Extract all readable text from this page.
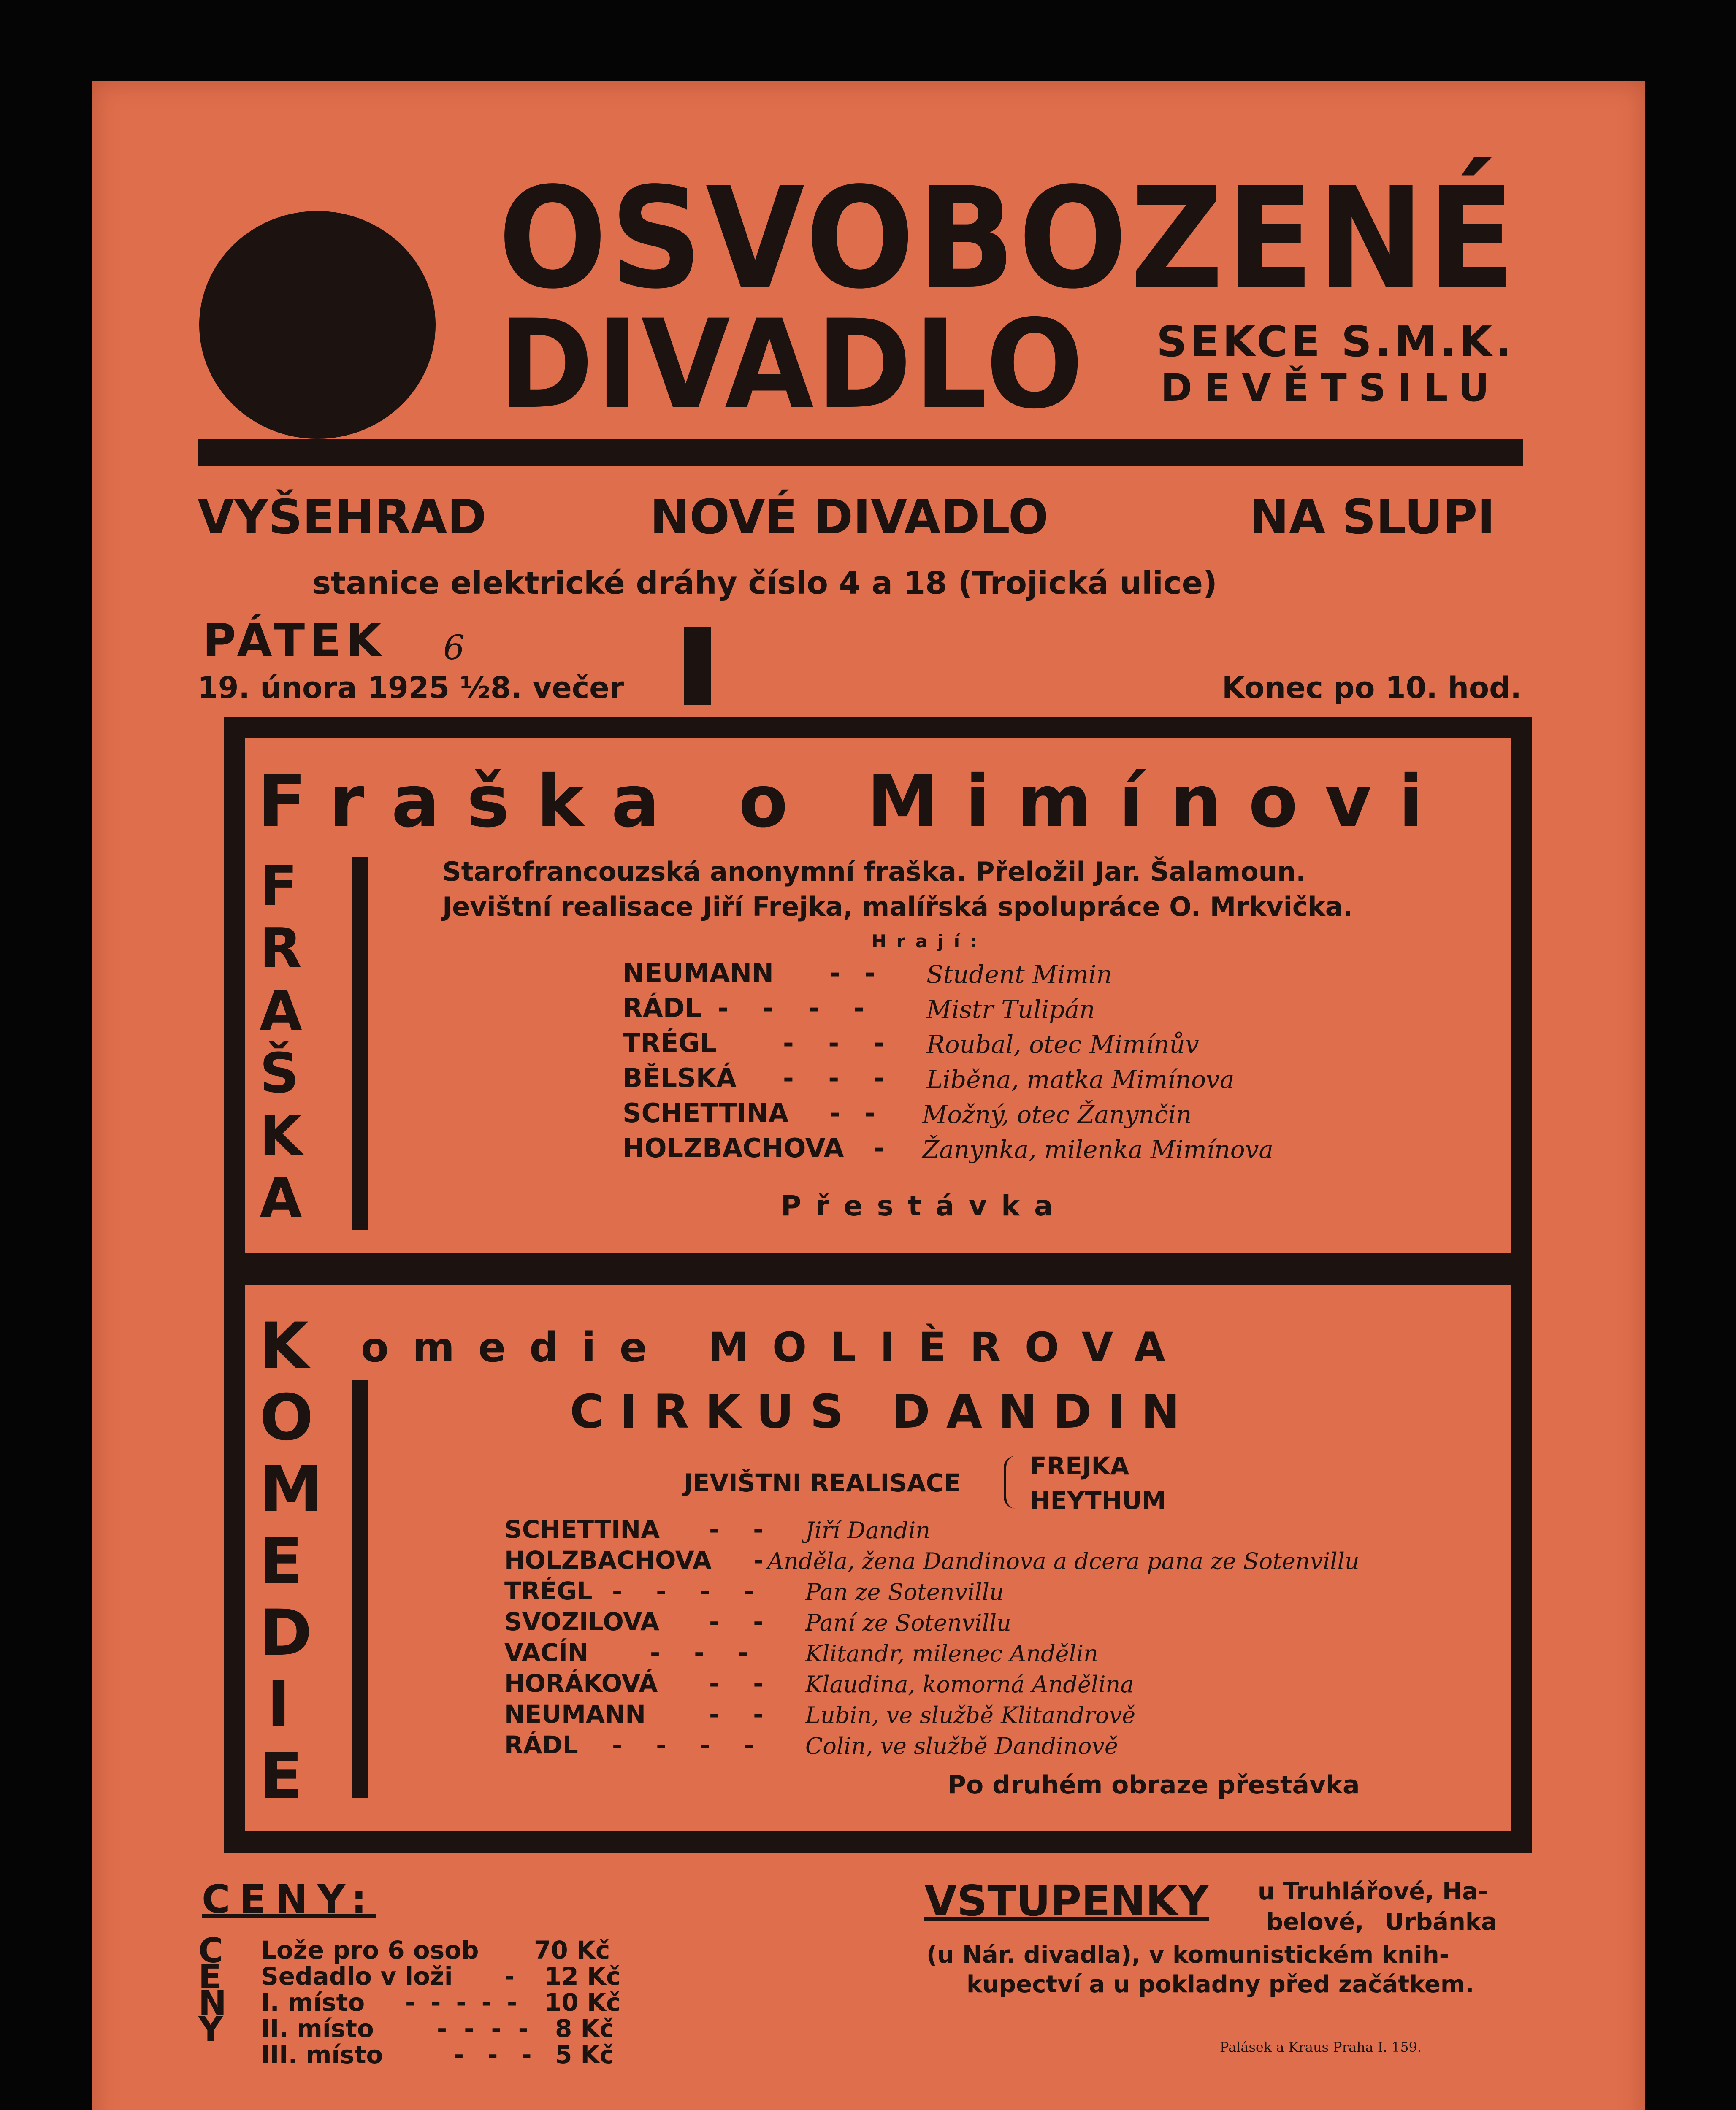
OSVOBOZENÉ
DIVADLO	SEKCE S.M.K.
DEVĚTSILU
VYŠEHRAD	NOVÉ DIVADLO	NA SLUPI
stanice elektrické dráhy číslo 4 a 18 (Trojická ulice)
PÁTEK 6
19. února 1925 ½8. večer	Konec po 10. hod.
Fraška o Mimínovi
FRAŠKA
Starofrancouzská anonymní fraška. Přeložil Jar. Šalamoun.
Jevištní realisace Jiří Frejka, malířská spolupráce O. Mrkvička.
Hrají:
NEUMANN - - Student Mimin
RÁDL - - - - Mistr Tulipán
TRÉGL	- - - Roubal, otec Mimínův
BĚLSKÁ - - - Liběna, matka Mimínova
SCHETTINA - - Možný, otec Žanynčin
HOLZBACHOVA - Žanynka, milenka Mimínova
Přestávka
KOMEDIE
omedie MOLIÈROVA
CIRKUS DANDIN
JEVIŠTNI REALISACE
FREJKA
HEYTHUM
SCHETTINA - - Jiří Dandin
HOLZBACHOVA - Anděla, žena Dandinova a dcera pana ze Sotenvillu
TRÉGL - - - - Pan ze Sotenvillu
SVOZILOVA - - Paní ze Sotenvillu
VACÍN	- - - Klitandr, milenec Andělin
HORÁKOVÁ - - Klaudina, komorná Andělina
NEUMANN	- - Lubin, ve službě Klitandrově
RÁDL - - - - Colin, ve službě Dandinově
Po druhém obraze přestávka
CENY:
CENY
Lože pro 6 osob 70 Kč
Sedadlo v loži - 12 Kč
I. místo - - - - - 10 Kč
II. místo	- - - - 8 Kč
III. místo	- - - 5 Kč
VSTUPENKY u Truhlářové, Ha-
belové, Urbánka
(u Nár. divadla), v komunistickém knih-
kupectví a u pokladny před začátkem.
Palásek a Kraus Praha I. 159.
